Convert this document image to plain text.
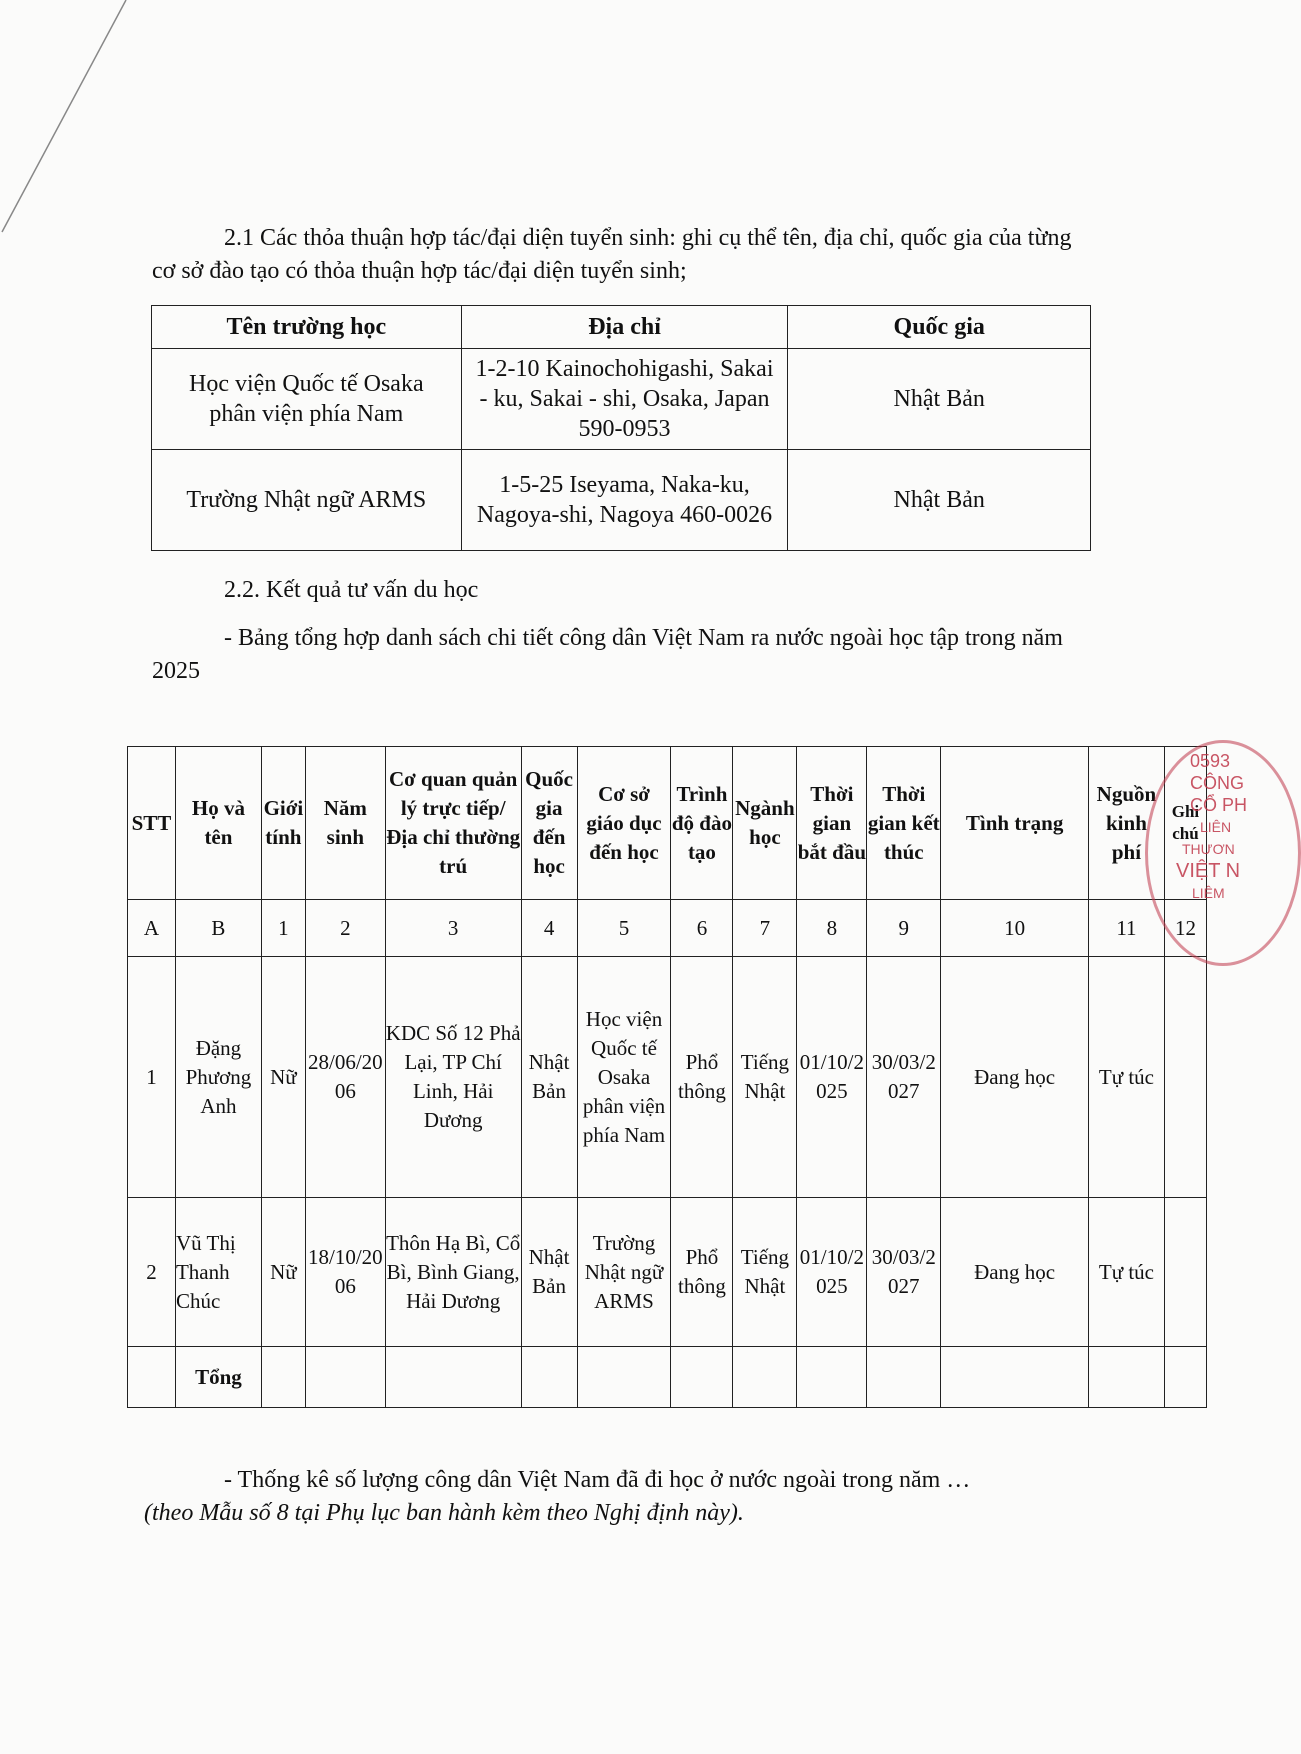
2.1 Các thỏa thuận hợp tác/đại diện tuyển sinh: ghi cụ thể tên, địa chỉ, quốc gia của từng cơ sở đào tạo có thỏa thuận hợp tác/đại diện tuyển sinh;

Tên trường học	Địa chỉ	Quốc gia
Học viện Quốc tế Osaka phân viện phía Nam	1-2-10 Kainochohigashi, Sakai - ku, Sakai - shi, Osaka, Japan 590-0953	Nhật Bản
Trường Nhật ngữ ARMS	1-5-25 Iseyama, Naka-ku, Nagoya-shi, Nagoya 460-0026	Nhật Bản

2.2. Kết quả tư vấn du học

- Bảng tổng hợp danh sách chi tiết công dân Việt Nam ra nước ngoài học tập trong năm 2025

STT	Họ và tên	Giới tính	Năm sinh	Cơ quan quản lý trực tiếp/ Địa chỉ thường trú	Quốc gia đến học	Cơ sở giáo dục đến học	Trình độ đào tạo	Ngành học	Thời gian bắt đầu	Thời gian kết thúc	Tình trạng	Nguồn kinh phí	Ghi chú
A	B	1	2	3	4	5	6	7	8	9	10	11	12
1	Đặng Phương Anh	Nữ	28/06/2006	KDC Số 12 Phả Lại, TP Chí Linh, Hải Dương	Nhật Bản	Học viện Quốc tế Osaka phân viện phía Nam	Phổ thông	Tiếng Nhật	01/10/2025	30/03/2027	Đang học	Tự túc	
2	Vũ Thị Thanh Chúc	Nữ	18/10/2006	Thôn Hạ Bì, Cổ Bì, Bình Giang, Hải Dương	Nhật Bản	Trường Nhật ngữ ARMS	Phổ thông	Tiếng Nhật	01/10/2025	30/03/2027	Đang học	Tự túc	
	Tổng												
0593
CÔNG
CỔ PH
LIÊN
THƯƠN
VIỆT N
LIÊM

- Thống kê số lượng công dân Việt Nam đã đi học ở nước ngoài trong năm …
(theo Mẫu số 8 tại Phụ lục ban hành kèm theo Nghị định này).
